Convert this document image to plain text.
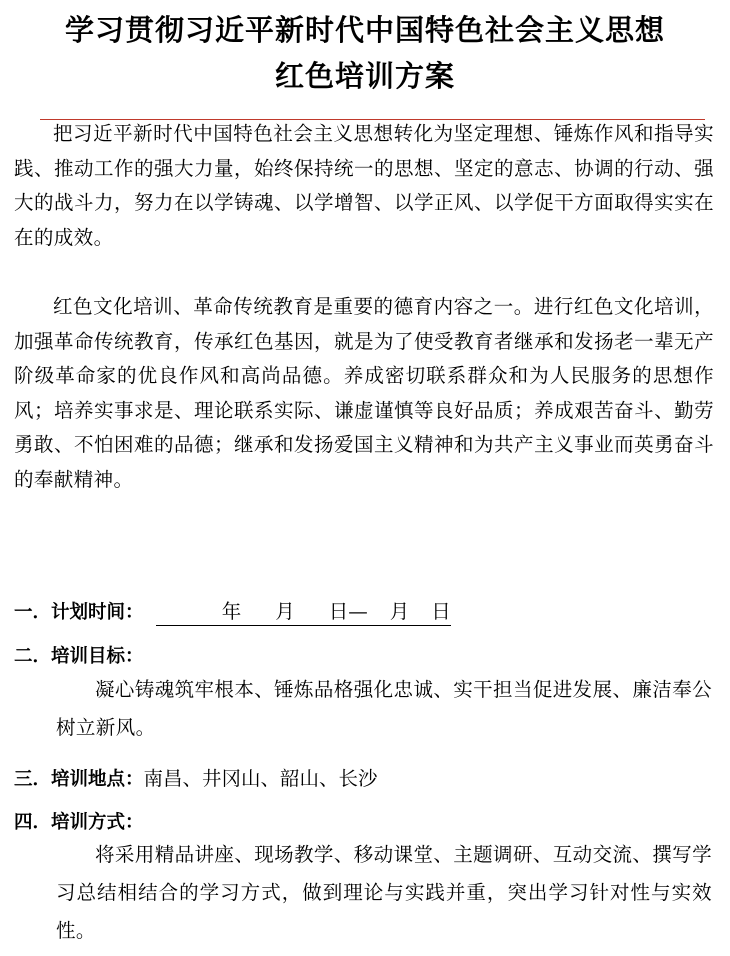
学习贯彻习近平新时代中国特色社会主义思想
红色培训方案

把习近平新时代中国特色社会主义思想转化为坚定理想、锤炼作风和指导实践、推动工作的强大力量，始终保持统一的思想、坚定的意志、协调的行动、强大的战斗力，努力在以学铸魂、以学增智、以学正风、以学促干方面取得实实在在的成效。

红色文化培训、革命传统教育是重要的德育内容之一。进行红色文化培训，加强革命传统教育，传承红色基因，就是为了使受教育者继承和发扬老一辈无产阶级革命家的优良作风和高尚品德。养成密切联系群众和为人民服务的思想作风；培养实事求是、理论联系实际、谦虚谨慎等良好品质；养成艰苦奋斗、勤劳勇敢、不怕困难的品德；继承和发扬爱国主义精神和为共产主义事业而英勇奋斗的奉献精神。

一．计划时间：	年 月 日— 月 日
二．培训目标：

凝心铸魂筑牢根本、锤炼品格强化忠诚、实干担当促进发展、廉洁奉公树立新风。

三．培训地点：南昌、井冈山、韶山、长沙
四．培训方式：

将采用精品讲座、现场教学、移动课堂、主题调研、互动交流、撰写学习总结相结合的学习方式，做到理论与实践并重，突出学习针对性与实效性。
